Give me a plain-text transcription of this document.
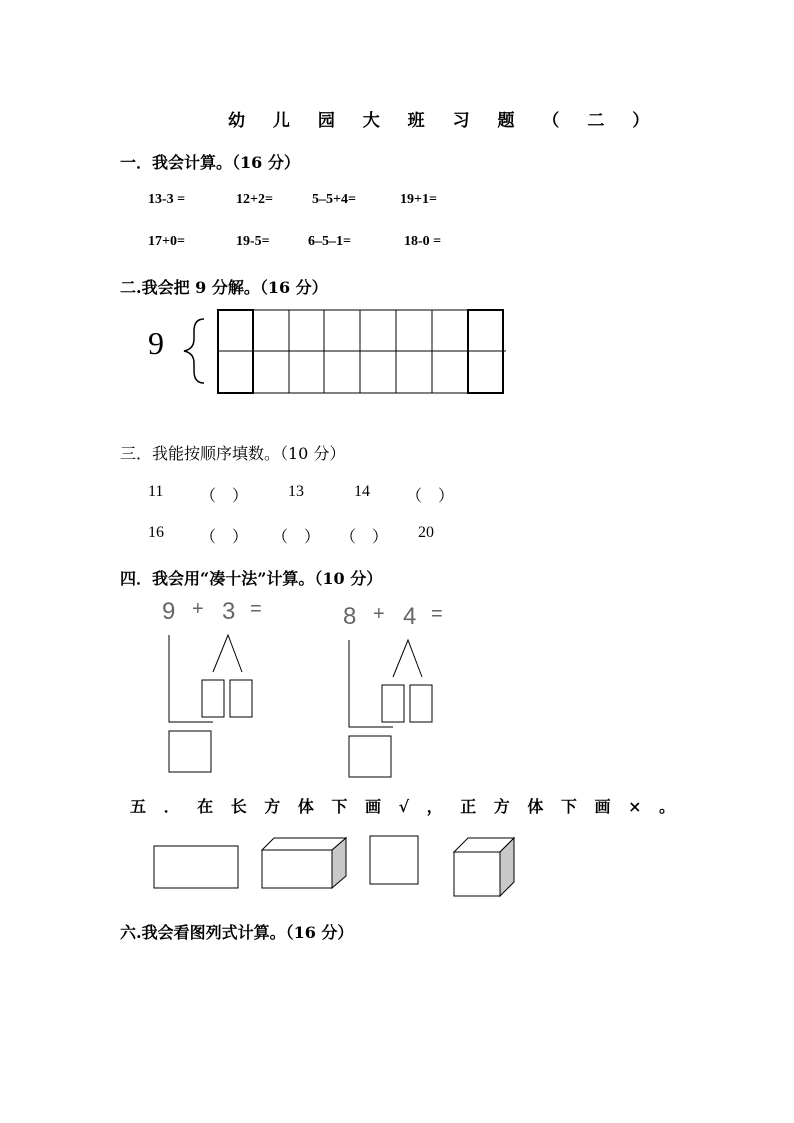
幼 儿 园 大 班 习 题 （ 二 ）
一．我会计算。（16 分）
13-3 =	12+2=	5–5+4=	19+1=
17+0=	19-5=	6–5–1=	18-0 =
二.我会把 9 分解。（16 分）
9
三．我能按顺序填数。（10 分）
11 （　） 13	14 （　）
16 （　） （　） （　） 20
四．我会用“凑十法”计算。（10 分）
9 + 3 =	8 + 4 =
五 ． 在 长 方 体 下 画 √ ， 正 方 体 下 画 × 。
六.我会看图列式计算。（16 分）
